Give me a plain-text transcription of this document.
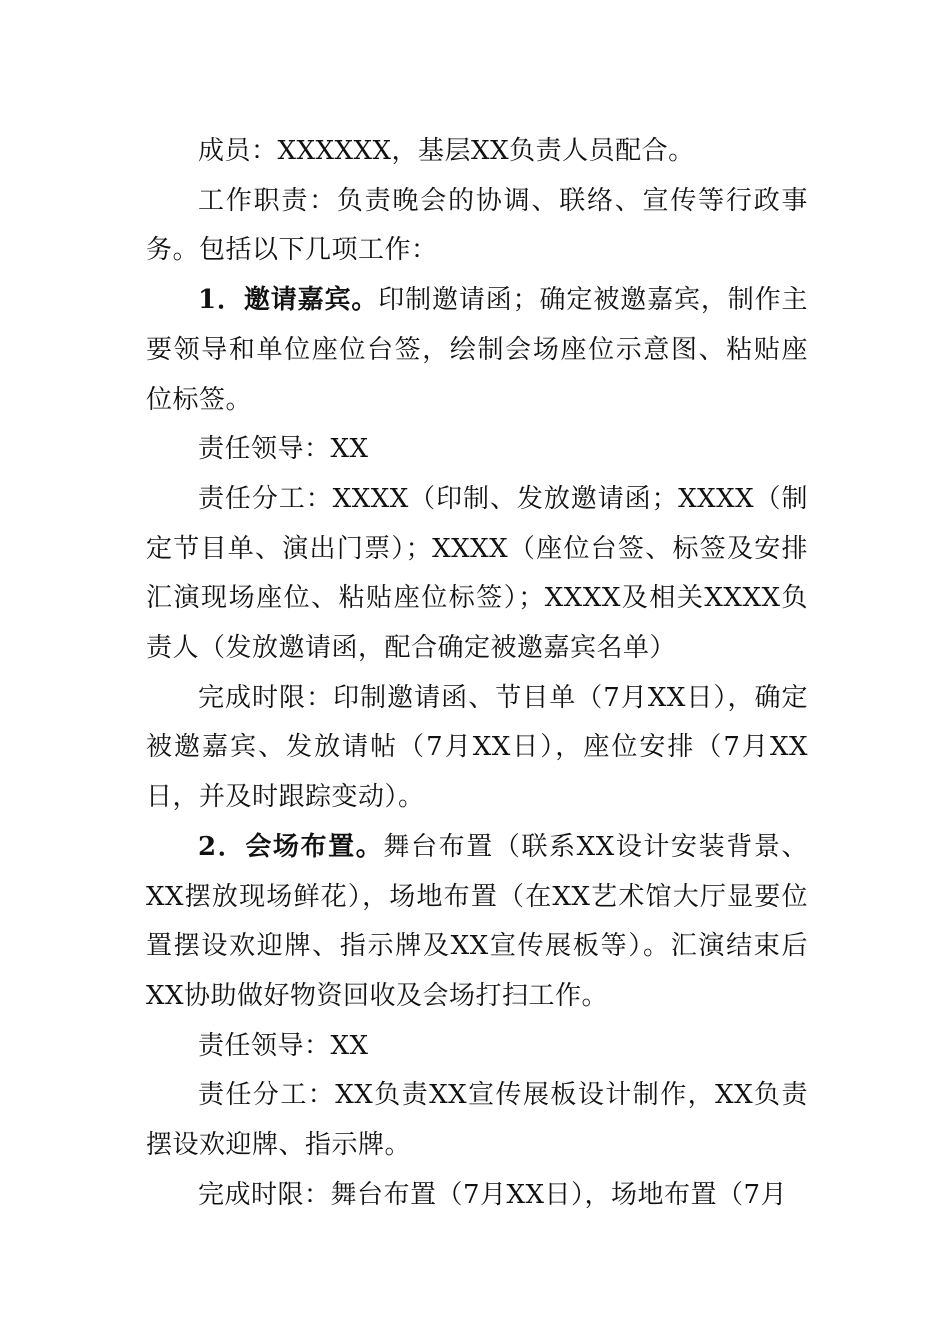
成员：XXXXXX，基层XX负责人员配合。

工作职责：负责晚会的协调、联络、宣传等行政事务。包括以下几项工作：

1．邀请嘉宾。印制邀请函；确定被邀嘉宾，制作主要领导和单位座位台签，绘制会场座位示意图、粘贴座位标签。

责任领导：XX

责任分工：XXXX（印制、发放邀请函；XXXX（制定节目单、演出门票）；XXXX（座位台签、标签及安排汇演现场座位、粘贴座位标签）；XXXX及相关XXXX负责人（发放邀请函，配合确定被邀嘉宾名单）

完成时限：印制邀请函、节目单（7月XX日），确定被邀嘉宾、发放请帖（7月XX日），座位安排（7月XX日，并及时跟踪变动）。

2．会场布置。舞台布置（联系XX设计安装背景、XX摆放现场鲜花），场地布置（在XX艺术馆大厅显要位置摆设欢迎牌、指示牌及XX宣传展板等）。汇演结束后XX协助做好物资回收及会场打扫工作。

责任领导：XX

责任分工：XX负责XX宣传展板设计制作，XX负责摆设欢迎牌、指示牌。

完成时限：舞台布置（7月XX日），场地布置（7月
